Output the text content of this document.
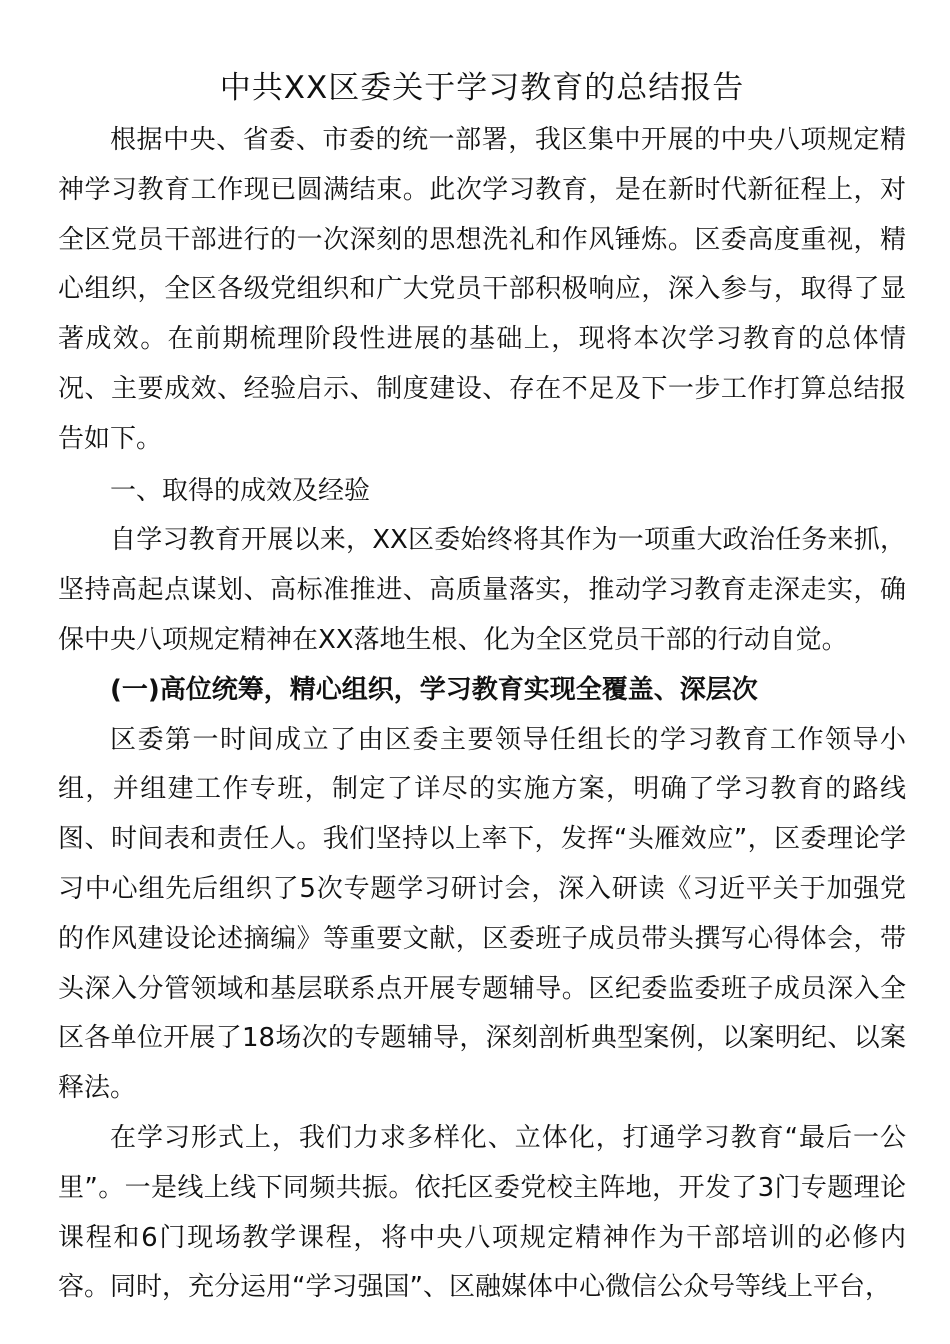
中共XX区委关于学习教育的总结报告

根据中央、省委、市委的统一部署，我区集中开展的中央八项规定精神学习教育工作现已圆满结束。此次学习教育，是在新时代新征程上，对全区党员干部进行的一次深刻的思想洗礼和作风锤炼。区委高度重视，精心组织，全区各级党组织和广大党员干部积极响应，深入参与，取得了显著成效。在前期梳理阶段性进展的基础上，现将本次学习教育的总体情况、主要成效、经验启示、制度建设、存在不足及下一步工作打算总结报告如下。

一、取得的成效及经验

自学习教育开展以来，XX区委始终将其作为一项重大政治任务来抓，坚持高起点谋划、高标准推进、高质量落实，推动学习教育走深走实，确保中央八项规定精神在XX落地生根、化为全区党员干部的行动自觉。

(一)高位统筹，精心组织，学习教育实现全覆盖、深层次

区委第一时间成立了由区委主要领导任组长的学习教育工作领导小组，并组建工作专班，制定了详尽的实施方案，明确了学习教育的路线图、时间表和责任人。我们坚持以上率下，发挥“头雁效应”，区委理论学习中心组先后组织了5次专题学习研讨会，深入研读《习近平关于加强党的作风建设论述摘编》等重要文献，区委班子成员带头撰写心得体会，带头深入分管领域和基层联系点开展专题辅导。区纪委监委班子成员深入全区各单位开展了18场次的专题辅导，深刻剖析典型案例，以案明纪、以案释法。

在学习形式上，我们力求多样化、立体化，打通学习教育“最后一公里”。一是线上线下同频共振。依托区委党校主阵地，开发了3门专题理论课程和6门现场教学课程，将中央八项规定精神作为干部培训的必修内容。同时，充分运用“学习强国”、区融媒体中心微信公众号等线上平台，
